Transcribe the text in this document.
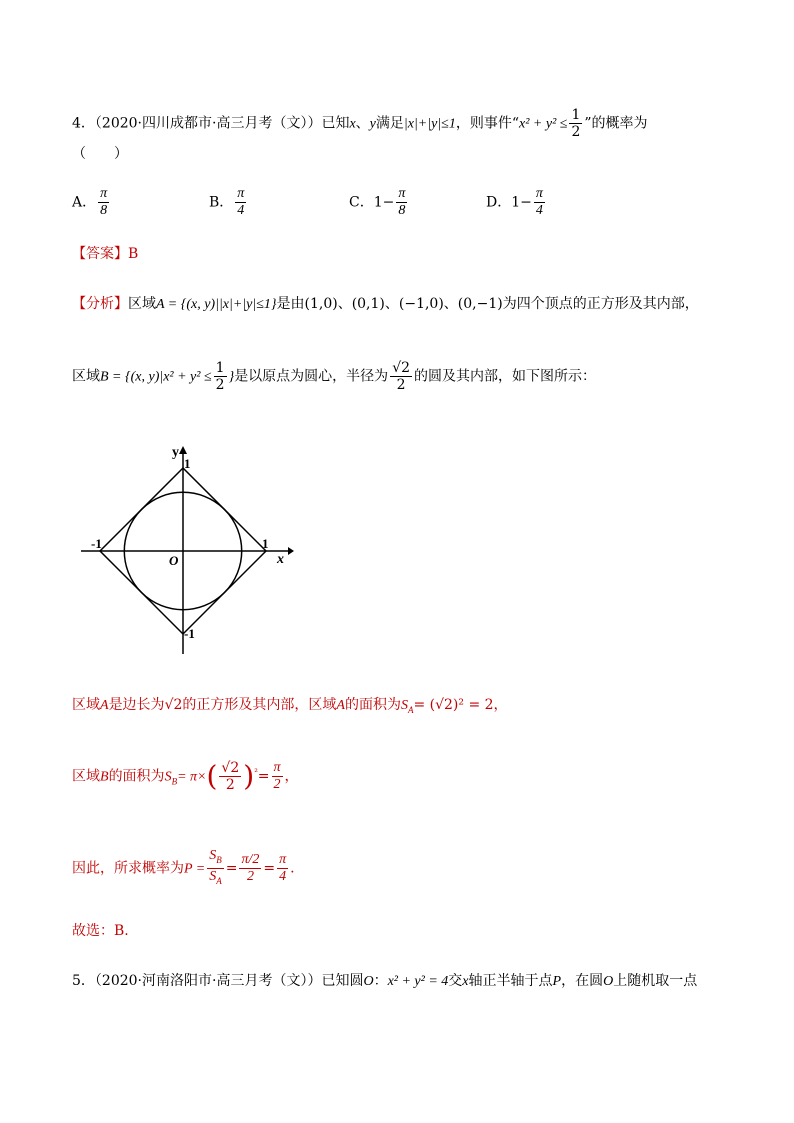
4．（2020·四川成都市·高三月考（文））已知x、y满足|x|+|y|≤1，则事件“$x^2 + y^2 \le \frac{1}{2}$ ”的概率为
（　　）
A． $\frac{\pi}{8}$	B． $\frac{\pi}{4}$	C．$1- \frac{\pi}{8}$	D．$1- \frac{\pi}{4}$
【答案】B
【分析】区域A = {(x, y)||x|+|y|≤1}是由(1,0)、(0,1)、(−1,0)、(0,−1)为四个顶点的正方形及其内部，
区域B = {(x, $y)|x^2 + y^2 \le \frac{1}{2}$ }是以原点为圆心，半径为 $\frac{√2}{2}$ 的圆及其内部，如下图所示：
y
1
1
x
-1
O
-1
区域A是边长为√2的正方形及其内部，区域A的面积为$S_A= (√2)^2 = 2$，
区域B的面积为$S_B= \pi\times( \frac{√2}{2} )^{^2}= \frac{\pi}{2}$ ，
因此，所求概率为$P = \frac{S_B}{S_A} = \frac{\pi/2}{2} = \frac{\pi}{4}$ .
故选：B.
5．（2020·河南洛阳市·高三月考（文））已知圆O：x² + y² = 4交x轴正半轴于点P，在圆O上随机取一点
